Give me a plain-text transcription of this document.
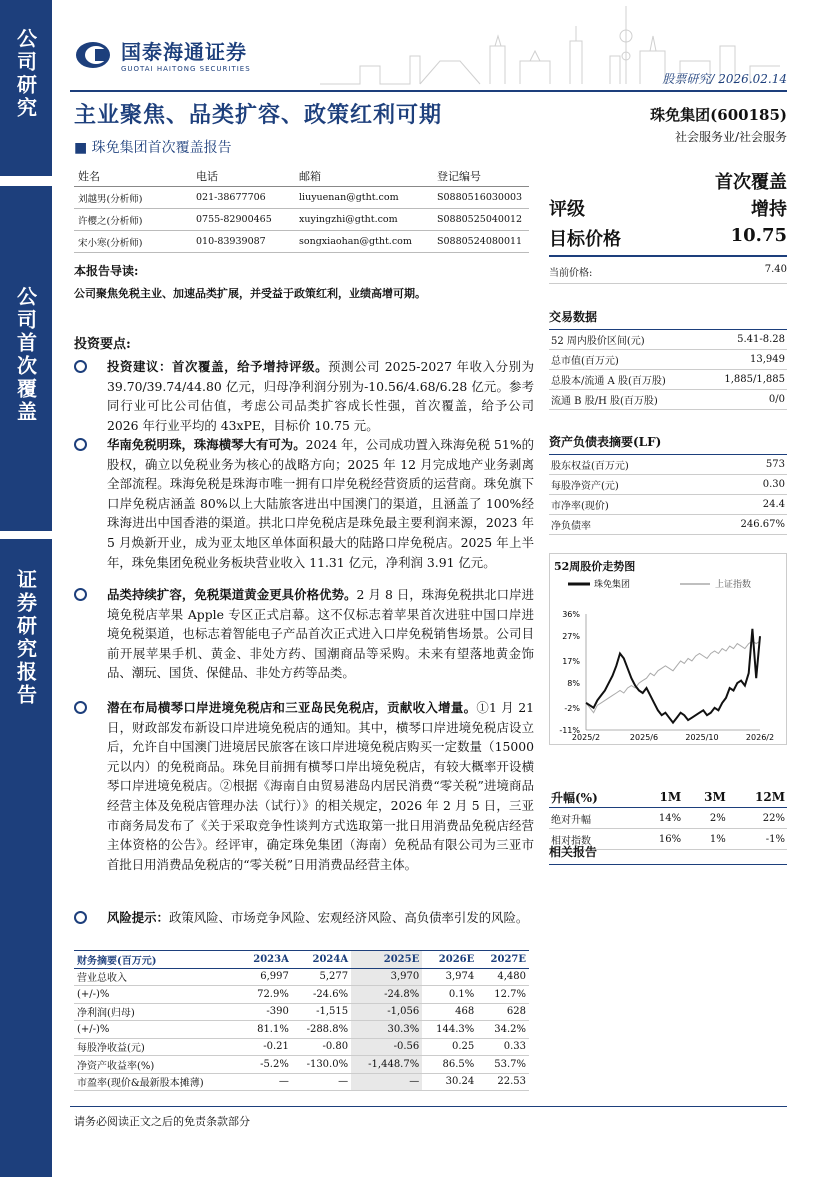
公司研究
公司首次覆盖
证券研究报告
国泰海通证券
GUOTAI HAITONG SECURITIES
股票研究/ 2026.02.14
主业聚焦、品类扩容、政策红利可期
■ 珠免集团首次覆盖报告
珠免集团(600185)
社会服务业/社会服务
姓名	电话	邮箱	登记编号
刘越男(分析师)	021-38677706	liuyuenan@gtht.com	S0880516030003
许樱之(分析师)	0755-82900465	xuyingzhi@gtht.com	S0880525040012
宋小寒(分析师)	010-83939087	songxiaohan@gtht.com	S0880524080011
首次覆盖
评级	增持
目标价格	10.75
当前价格:	7.40
本报告导读:
公司聚焦免税主业、加速品类扩展，并受益于政策红利，业绩高增可期。
投资要点:
投资建议：首次覆盖，给予增持评级。预测公司 2025-2027 年收入分别为 39.70/39.74/44.80 亿元，归母净利润分别为-10.56/4.68/6.28 亿元。参考同行业可比公司估值，考虑公司品类扩容成长性强，首次覆盖，给予公司 2026 年行业平均的 43xPE，目标价 10.75 元。
华南免税明珠，珠海横琴大有可为。2024 年，公司成功置入珠海免税 51%的股权，确立以免税业务为核心的战略方向；2025 年 12 月完成地产业务剥离全部流程。珠海免税是珠海市唯一拥有口岸免税经营资质的运营商。珠免旗下口岸免税店涵盖 80%以上大陆旅客进出中国澳门的渠道，且涵盖了 100%经珠海进出中国香港的渠道。拱北口岸免税店是珠免最主要利润来源，2023 年 5 月焕新开业，成为亚太地区单体面积最大的陆路口岸免税店。2025 年上半年，珠免集团免税业务板块营业收入 11.31 亿元，净利润 3.91 亿元。
品类持续扩容，免税渠道黄金更具价格优势。2 月 8 日，珠海免税拱北口岸进境免税店苹果 Apple 专区正式启幕。这不仅标志着苹果首次进驻中国口岸进境免税渠道，也标志着智能电子产品首次正式进入口岸免税销售场景。公司目前开展苹果手机、黄金、非处方药、国潮商品等采购。未来有望落地黄金饰品、潮玩、国货、保健品、非处方药等品类。
潜在布局横琴口岸进境免税店和三亚岛民免税店，贡献收入增量。①1 月 21 日，财政部发布新设口岸进境免税店的通知。其中，横琴口岸进境免税店设立后，允许自中国澳门进境居民旅客在该口岸进境免税店购买一定数量（15000 元以内）的免税商品。珠免目前拥有横琴口岸出境免税店，有较大概率开设横琴口岸进境免税店。②根据《海南自由贸易港岛内居民消费“零关税”进境商品经营主体及免税店管理办法（试行）》的相关规定，2026 年 2 月 5 日，三亚市商务局发布了《关于采取竞争性谈判方式选取第一批日用消费品免税店经营主体资格的公告》。经评审，确定珠免集团（海南）免税品有限公司为三亚市首批日用消费品免税店的“零关税”日用消费品经营主体。
风险提示：政策风险、市场竞争风险、宏观经济风险、高负债率引发的风险。
交易数据
52 周内股价区间(元)	5.41-8.28
总市值(百万元)	13,949
总股本/流通 A 股(百万股)	1,885/1,885
流通 B 股/H 股(百万股)	0/0
资产负债表摘要(LF)
股东权益(百万元)	573
每股净资产(元)	0.30
市净率(现价)	24.4
净负债率	246.67%
52周股价走势图
珠免集团	上证指数
36%
27%
17%
8%
-2%
-11%
2025/2	2025/6	2025/10	2026/2
升幅(%)	1M	3M	12M
绝对升幅	14%	2%	22%
相对指数	16%	1%	-1%
相关报告
财务摘要(百万元)	2023A	2024A	2025E	2026E	2027E
营业总收入	6,997	5,277	3,970	3,974	4,480
(+/-)%	72.9%	-24.6%	-24.8%	0.1%	12.7%
净利润(归母)	-390	-1,515	-1,056	468	628
(+/-)%	81.1%	-288.8%	30.3%	144.3%	34.2%
每股净收益(元)	-0.21	-0.80	-0.56	0.25	0.33
净资产收益率(%)	-5.2%	-130.0%	-1,448.7%	86.5%	53.7%
市盈率(现价&最新股本摊薄)	—	—	—	30.24	22.53
请务必阅读正文之后的免责条款部分
